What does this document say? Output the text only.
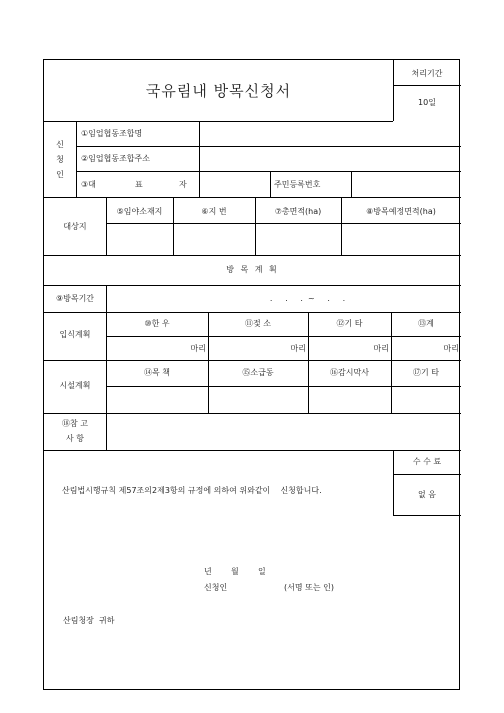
국유림내 방목신청서
처리기간
10일
신
청
인
①임업협동조합명
②임업협동조합주소
③대	표	자	주민등록번호
대상지
⑤임야소재지	⑥지 번	⑦총면적(ha)	⑧방목예정면적(ha)
방 목 계 획
⑨방목기간	.     .     .  ~     .     .
입식계획
⑩한 우	⑪젖 소	⑫기 타	⑬계
마리	마리	마리	마리
시설계획
⑭목 책	⑮소급동	⑯감시막사	⑰기 타
⑱참 고
사 항
수 수 료
없 음
산림법시행규칙 제57조의2제3항의 규정에 의하여 위와같이    신청합니다.
년 월 일
신청인	(서명 또는 인)
산림청장  귀하
